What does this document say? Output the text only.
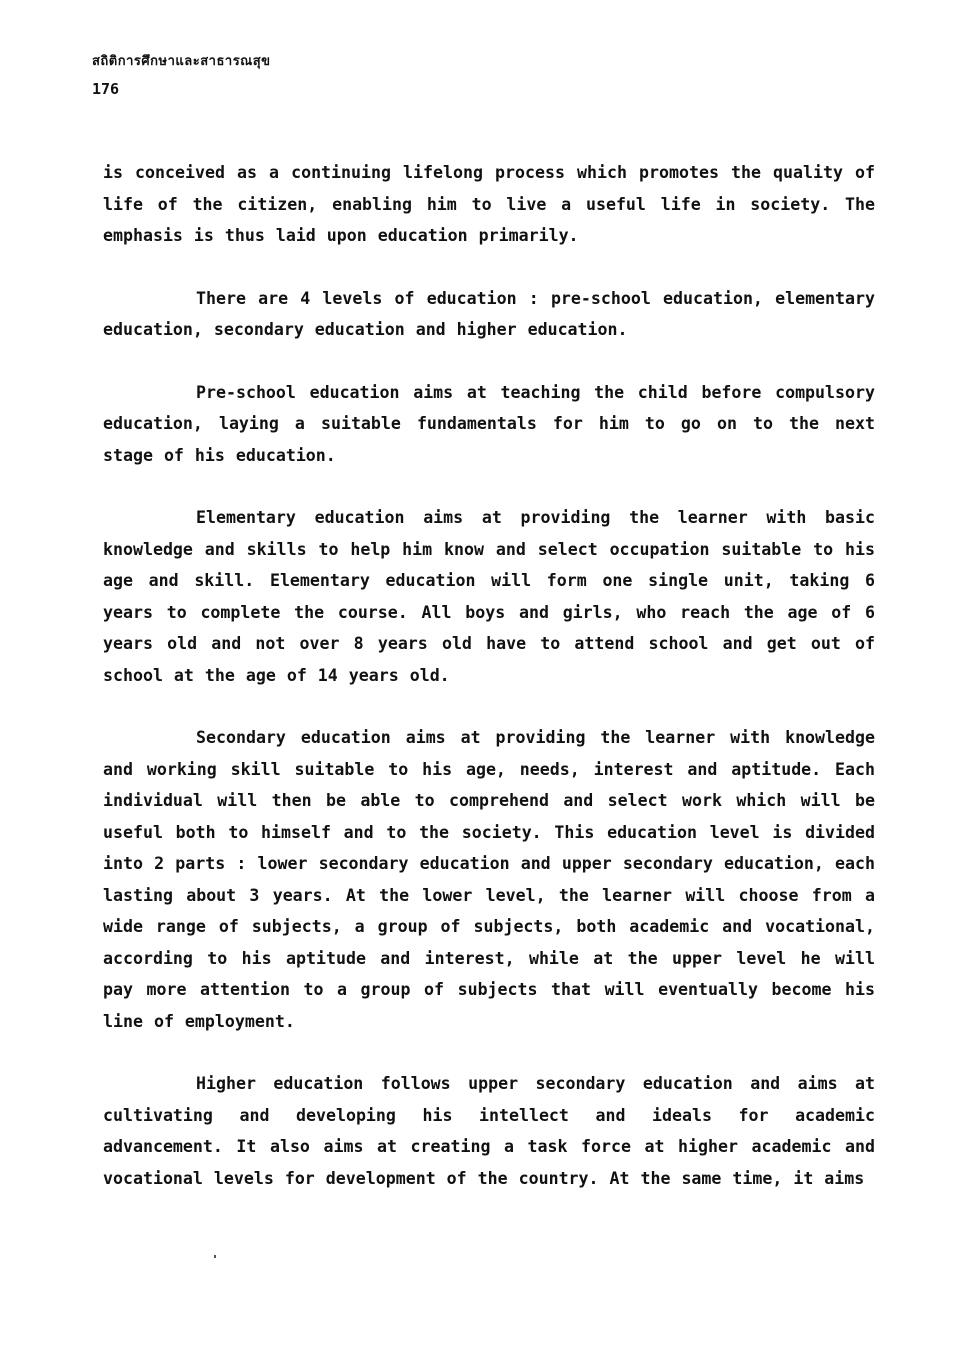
สถิติการศึกษาและสาธารณสุข
176

is conceived as a continuing lifelong process which promotes the quality of life of the citizen, enabling him to live a useful life in society. The emphasis is thus laid upon education primarily.

There are 4 levels of education : pre-school education, elementary education, secondary education and higher education.

Pre-school education aims at teaching the child before compulsory education, laying a suitable fundamentals for him to go on to the next stage of his education.

Elementary education aims at providing the learner with basic knowledge and skills to help him know and select occupation suitable to his age and skill. Elementary education will form one single unit, taking 6 years to complete the course. All boys and girls, who reach the age of 6 years old and not over 8 years old have to attend school and get out of school at the age of 14 years old.

Secondary education aims at providing the learner with knowledge and working skill suitable to his age, needs, interest and aptitude. Each individual will then be able to comprehend and select work which will be useful both to himself and to the society. This education level is divided into 2 parts : lower secondary education and upper secondary education, each lasting about 3 years. At the lower level, the learner will choose from a wide range of subjects, a group of subjects, both academic and vocational, according to his aptitude and interest, while at the upper level he will pay more attention to a group of subjects that will eventually become his line of employment.

Higher education follows upper secondary education and aims at cultivating and developing his intellect and ideals for academic advancement. It also aims at creating a task force at higher academic and vocational levels for development of the country. At the same time, it aims
